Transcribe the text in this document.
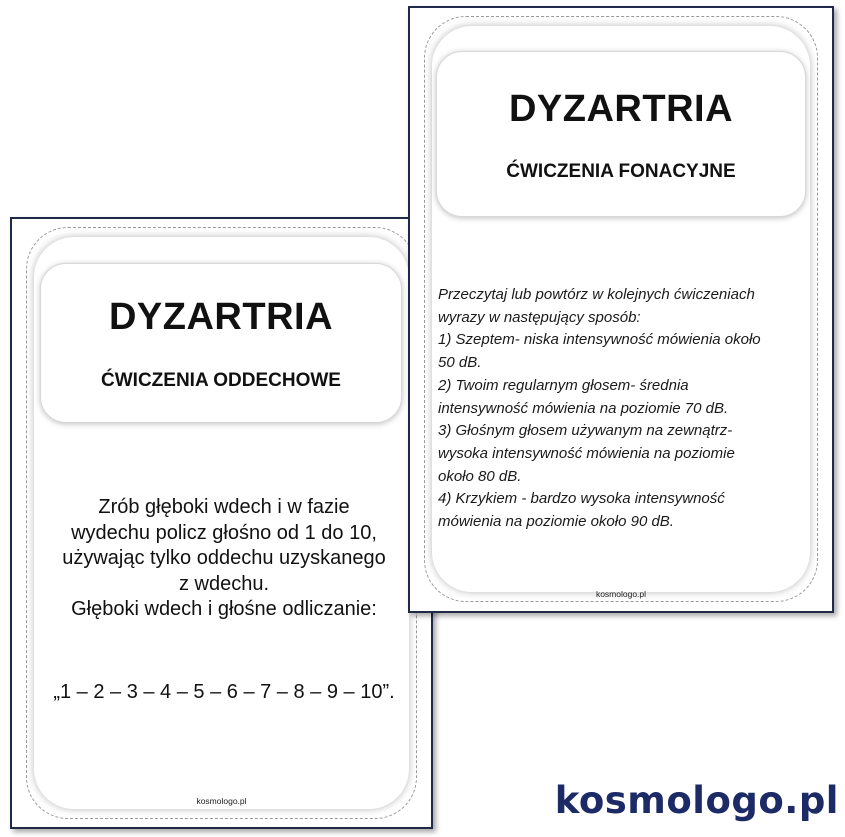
DYZARTRIA
ĆWICZENIA ODDECHOWE
Zrób głęboki wdech i w fazie
wydechu policz głośno od 1 do 10,
używając tylko oddechu uzyskanego
z wdechu.
Głęboki wdech i głośne odliczanie:
„1 – 2 – 3 – 4 – 5 – 6 – 7 – 8 – 9 – 10”.
kosmologo.pl
DYZARTRIA
ĆWICZENIA FONACYJNE
Przeczytaj lub powtórz w kolejnych ćwiczeniach
wyrazy w następujący sposób:
1) Szeptem- niska intensywność mówienia około
50 dB.
2) Twoim regularnym głosem- średnia
intensywność mówienia na poziomie 70 dB.
3) Głośnym głosem używanym na zewnątrz-
wysoka intensywność mówienia na poziomie
około 80 dB.
4) Krzykiem - bardzo wysoka intensywność
mówienia na poziomie około 90 dB.
kosmologo.pl
kosmologo.pl
